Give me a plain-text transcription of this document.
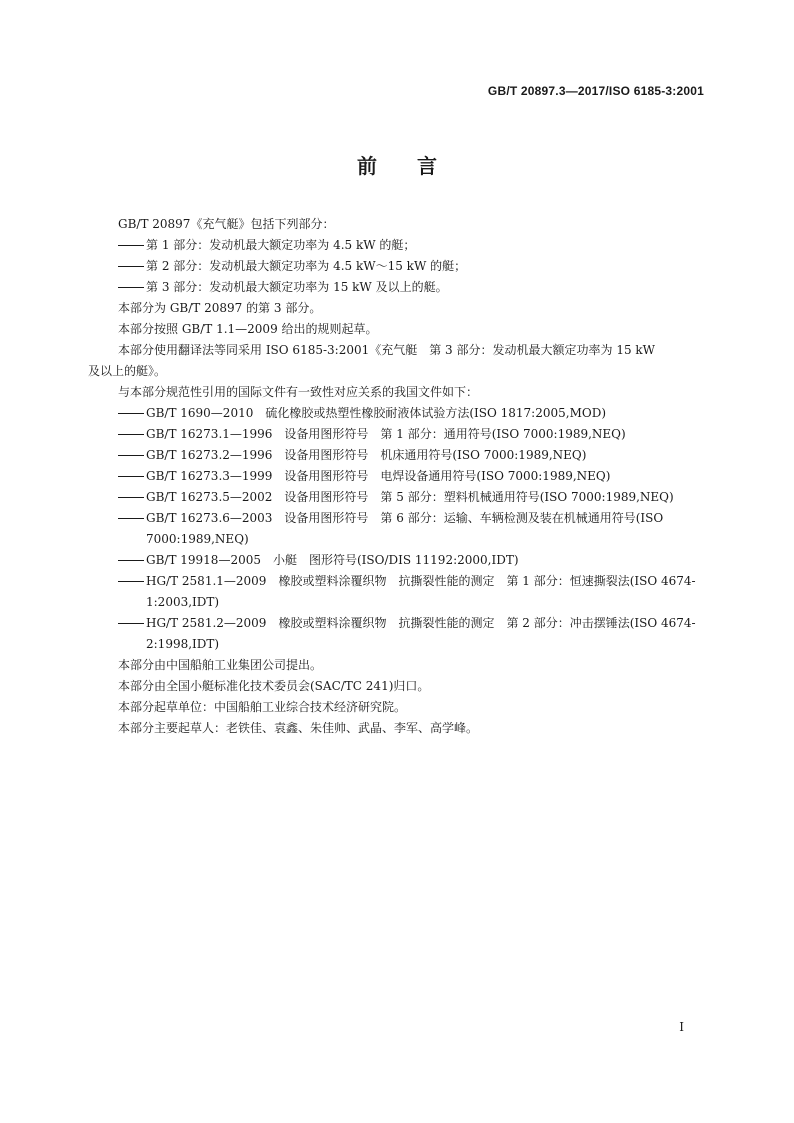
GB/T 20897.3—2017/ISO 6185-3:2001
前言

GB/T 20897《充气艇》包括下列部分：

第 1 部分：发动机最大额定功率为 4.5 kW 的艇；

第 2 部分：发动机最大额定功率为 4.5 kW～15 kW 的艇；

第 3 部分：发动机最大额定功率为 15 kW 及以上的艇。

本部分为 GB/T 20897 的第 3 部分。

本部分按照 GB/T 1.1—2009 给出的规则起草。

本部分使用翻译法等同采用 ISO 6185-3:2001《充气艇　第 3 部分：发动机最大额定功率为 15 kW

及以上的艇》。

与本部分规范性引用的国际文件有一致性对应关系的我国文件如下：

GB/T 1690—2010　硫化橡胶或热塑性橡胶耐液体试验方法(ISO 1817:2005,MOD)

GB/T 16273.1—1996　设备用图形符号　第 1 部分：通用符号(ISO 7000:1989,NEQ)

GB/T 16273.2—1996　设备用图形符号　机床通用符号(ISO 7000:1989,NEQ)

GB/T 16273.3—1999　设备用图形符号　电焊设备通用符号(ISO 7000:1989,NEQ)

GB/T 16273.5—2002　设备用图形符号　第 5 部分：塑料机械通用符号(ISO 7000:1989,NEQ)

GB/T 16273.6—2003　设备用图形符号　第 6 部分：运输、车辆检测及装在机械通用符号(ISO 7000:1989,NEQ)

GB/T 19918—2005　小艇　图形符号(ISO/DIS 11192:2000,IDT)

HG/T 2581.1—2009　橡胶或塑料涂覆织物　抗撕裂性能的测定　第 1 部分：恒速撕裂法(ISO 4674-1:2003,IDT)

HG/T 2581.2—2009　橡胶或塑料涂覆织物　抗撕裂性能的测定　第 2 部分：冲击摆锤法(ISO 4674-2:1998,IDT)

本部分由中国船舶工业集团公司提出。

本部分由全国小艇标准化技术委员会(SAC/TC 241)归口。

本部分起草单位：中国船舶工业综合技术经济研究院。

本部分主要起草人：老铁佳、袁鑫、朱佳帅、武晶、李军、高学峰。

I
